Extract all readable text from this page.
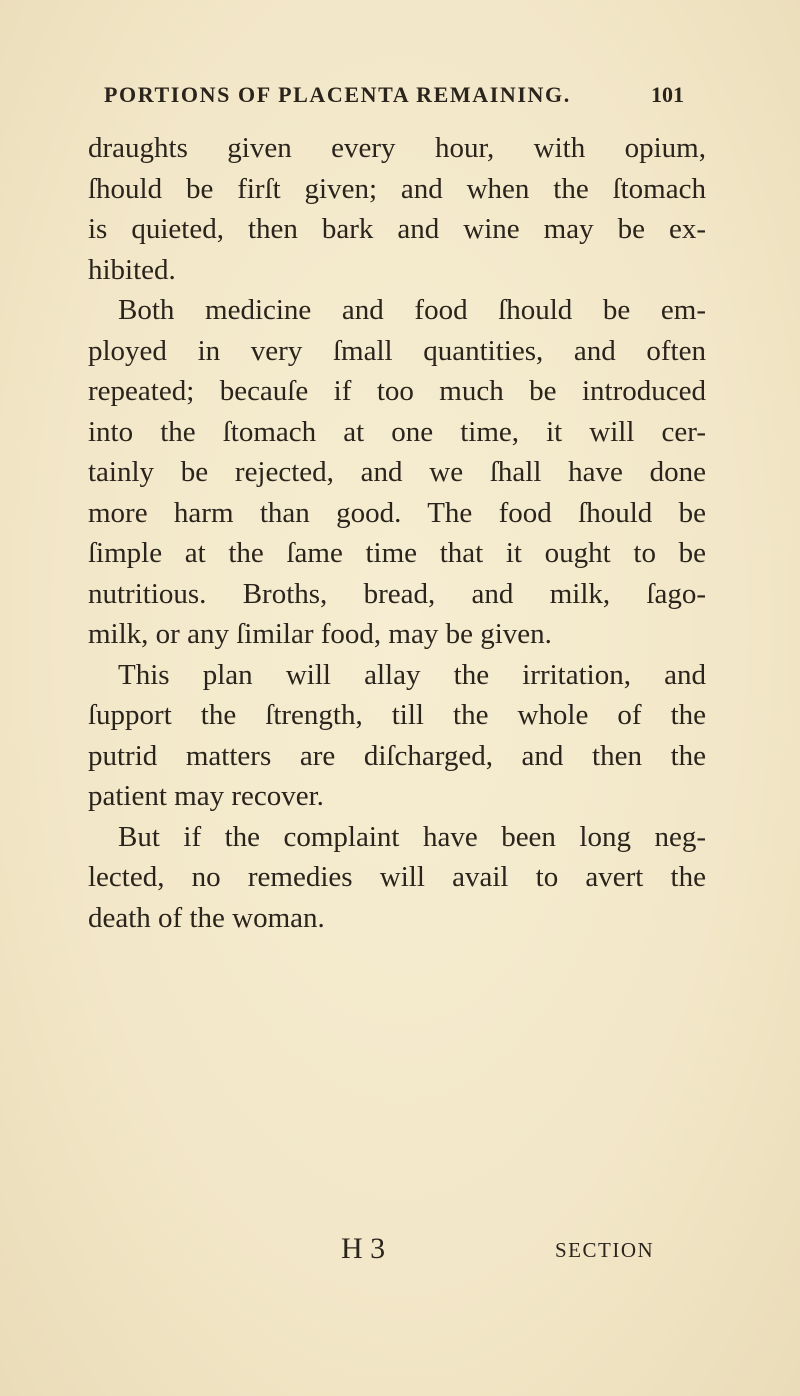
PORTIONS OF PLACENTA REMAINING.	101
draughts given every hour, with opium,
ſhould be firſt given; and when the ſtomach
is quieted, then bark and wine may be ex-
hibited.
Both medicine and food ſhould be em-
ployed in very ſmall quantities, and often
repeated; becauſe if too much be introduced
into the ſtomach at one time, it will cer-
tainly be rejected, and we ſhall have done
more harm than good. The food ſhould be
ſimple at the ſame time that it ought to be
nutritious. Broths, bread, and milk, ſago-
milk, or any ſimilar food, may be given.
This plan will allay the irritation, and
ſupport the ſtrength, till the whole of the
putrid matters are diſcharged, and then the
patient may recover.
But if the complaint have been long neg-
lected, no remedies will avail to avert the
death of the woman.
H 3	SECTION
